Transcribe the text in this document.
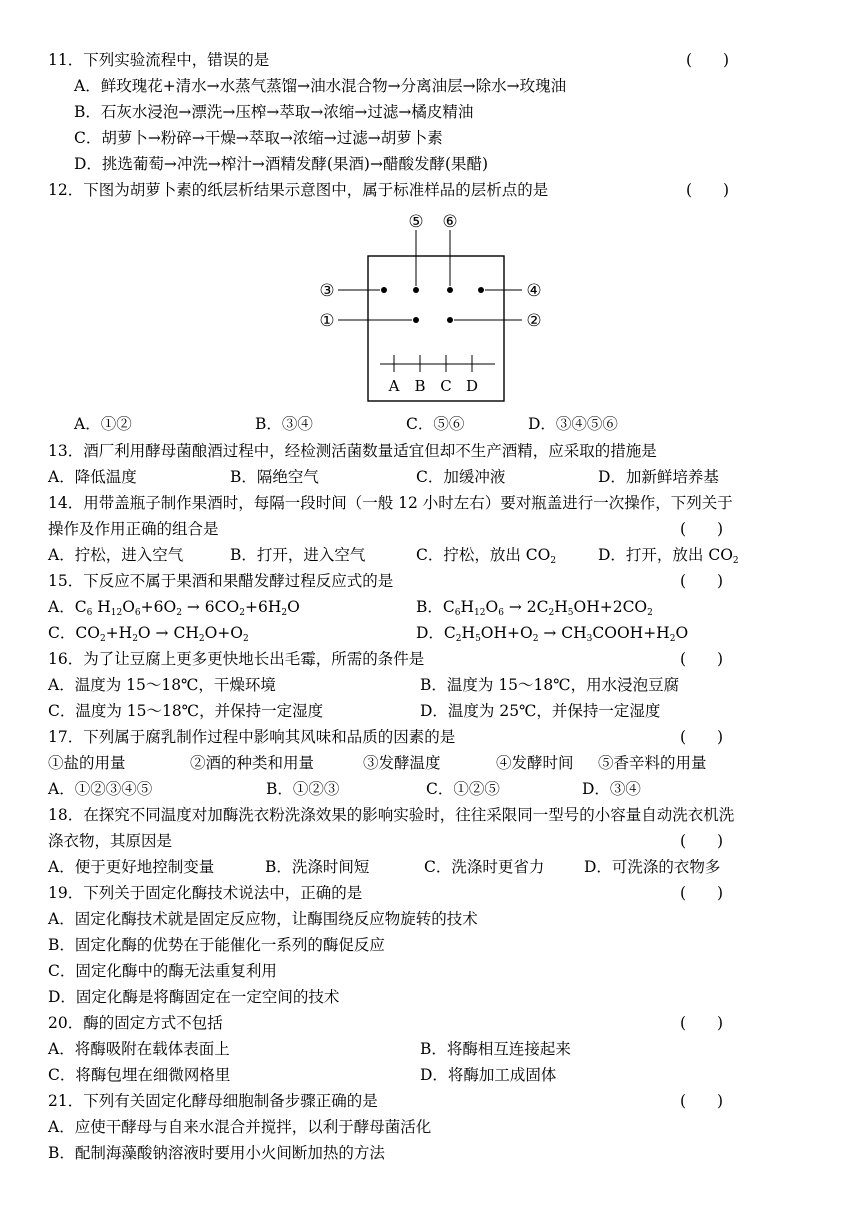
11．下列实验流程中，错误的是	(　　)
A．鲜玫瑰花+清水→水蒸气蒸馏→油水混合物→分离油层→除水→玫瑰油
B．石灰水浸泡→漂洗→压榨→萃取→浓缩→过滤→橘皮精油
C．胡萝卜→粉碎→干燥→萃取→浓缩→过滤→胡萝卜素
D．挑选葡萄→冲洗→榨汁→酒精发酵(果酒)→醋酸发酵(果醋)
12．下图为胡萝卜素的纸层析结果示意图中，属于标准样品的层析点的是	(　　)
A B C D
⑤ ⑥
③	④
①	②
A．①②	B．③④	C．⑤⑥	D．③④⑤⑥
13．酒厂利用酵母菌酿酒过程中，经检测活菌数量适宜但却不生产酒精，应采取的措施是
A．降低温度	B．隔绝空气	C．加缓冲液	D．加新鲜培养基
14．用带盖瓶子制作果酒时，每隔一段时间（一般 12 小时左右）要对瓶盖进行一次操作，下列关于
操作及作用正确的组合是	(　　)
A．拧松，进入空气	B．打开，进入空气	C．拧松，放出 $CO_2$	D．打开，放出 $CO_2$
15．下反应不属于果酒和果醋发酵过程反应式的是	(　　)
A．$C_6$ $H_{12}O_6+6O_2 \to 6CO_2+6H_2O$	B．$C_6H_{12}O_6 \to 2C_2H_5OH+2CO_2$
C．$CO_2+H_2O \to CH_2O+O_2$	D．$C_2H_5OH+O_2$ → $CH_3COOH+H_2O$
16．为了让豆腐上更多更快地长出毛霉，所需的条件是	(　　)
A．温度为 15～18℃，干燥环境	B．温度为 15～18℃，用水浸泡豆腐
C．温度为 15～18℃，并保持一定湿度	D．温度为 25℃，并保持一定湿度
17．下列属于腐乳制作过程中影响其风味和品质的因素的是	(　　)
①盐的用量	②酒的种类和用量	③发酵温度	④发酵时间 ⑤香辛料的用量
A．①②③④⑤	B．①②③	C．①②⑤	D．③④
18．在探究不同温度对加酶洗衣粉洗涤效果的影响实验时，往往采限同一型号的小容量自动洗衣机洗
涤衣物，其原因是	(　　)
A．便于更好地控制变量	B．洗涤时间短	C．洗涤时更省力	D．可洗涤的衣物多
19．下列关于固定化酶技术说法中，正确的是	(　　)
A．固定化酶技术就是固定反应物，让酶围绕反应物旋转的技术
B．固定化酶的优势在于能催化一系列的酶促反应
C．固定化酶中的酶无法重复利用
D．固定化酶是将酶固定在一定空间的技术
20．酶的固定方式不包括	(　　)
A．将酶吸附在载体表面上	B．将酶相互连接起来
C．将酶包埋在细微网格里	D．将酶加工成固体
21．下列有关固定化酵母细胞制备步骤正确的是	(　　)
A．应使干酵母与自来水混合并搅拌，以利于酵母菌活化
B．配制海藻酸钠溶液时要用小火间断加热的方法
